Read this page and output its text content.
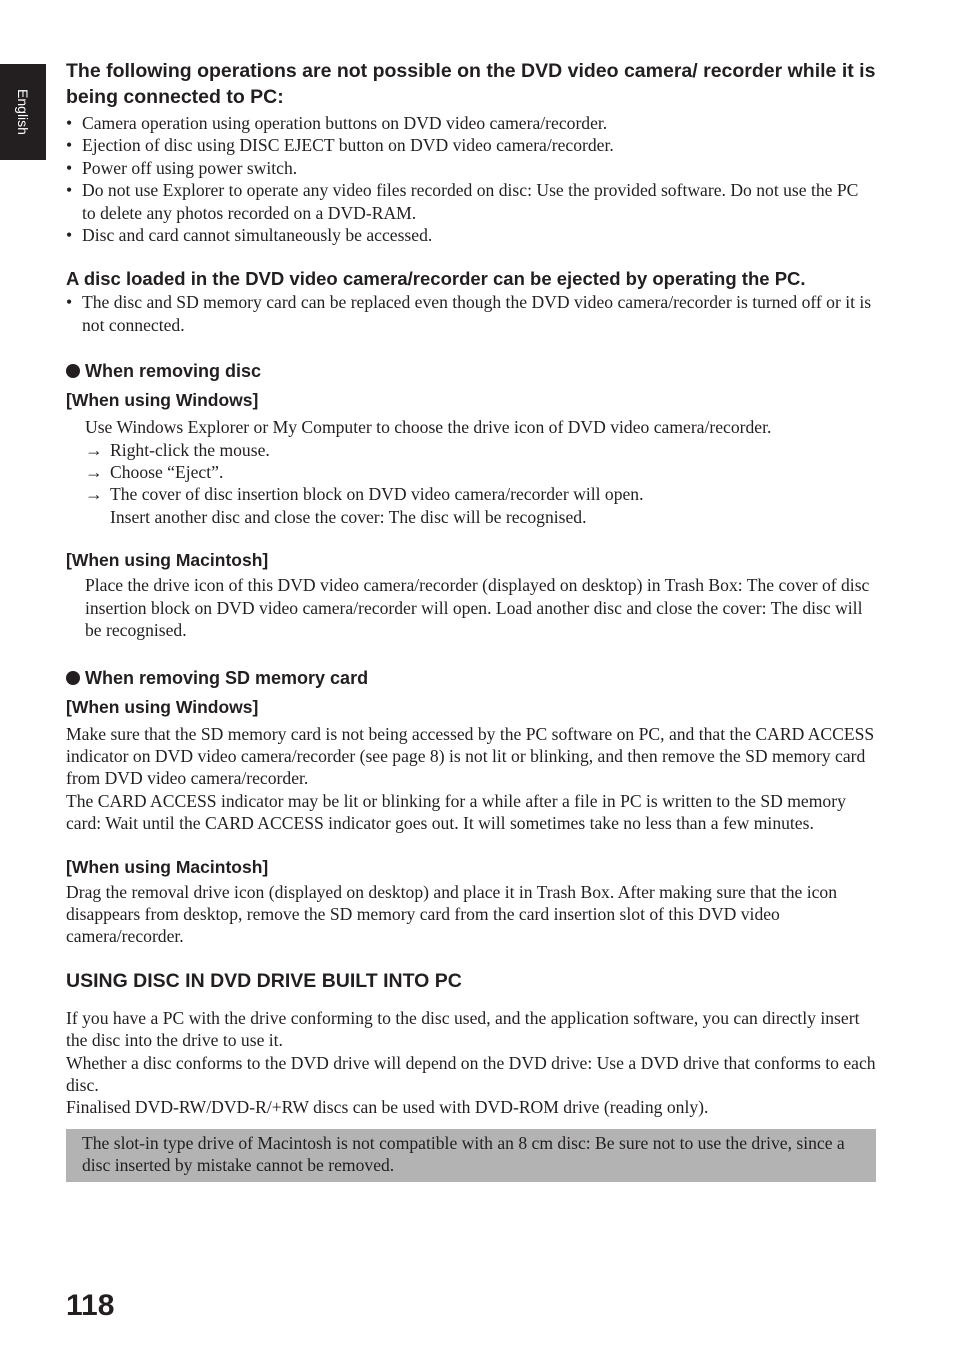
English
The following operations are not possible on the DVD video camera/ recorder while it is being connected to PC:
• Camera operation using operation buttons on DVD video camera/recorder.
• Ejection of disc using DISC EJECT button on DVD video camera/recorder.
• Power off using power switch.
• Do not use Explorer to operate any video files recorded on disc: Use the provided software. Do not use the PC to delete any photos recorded on a DVD-RAM.
• Disc and card cannot simultaneously be accessed.
A disc loaded in the DVD video camera/recorder can be ejected by operating the PC.
• The disc and SD memory card can be replaced even though the DVD video camera/recorder is turned off or it is not connected.
When removing disc
[When using Windows]

Use Windows Explorer or My Computer to choose the drive icon of DVD video camera/recorder.

→ Right-click the mouse.
→ Choose “Eject”.
→ The cover of disc insertion block on DVD video camera/recorder will open.
Insert another disc and close the cover: The disc will be recognised.
[When using Macintosh]

Place the drive icon of this DVD video camera/recorder (displayed on desktop) in Trash Box: The cover of disc insertion block on DVD video camera/recorder will open. Load another disc and close the cover: The disc will be recognised.

When removing SD memory card
[When using Windows]

Make sure that the SD memory card is not being accessed by the PC software on PC, and that the CARD ACCESS indicator on DVD video camera/recorder (see page 8) is not lit or blinking, and then remove the SD memory card from DVD video camera/recorder.

The CARD ACCESS indicator may be lit or blinking for a while after a file in PC is written to the SD memory card: Wait until the CARD ACCESS indicator goes out. It will sometimes take no less than a few minutes.

[When using Macintosh]

Drag the removal drive icon (displayed on desktop) and place it in Trash Box. After making sure that the icon disappears from desktop, remove the SD memory card from the card insertion slot of this DVD video camera/recorder.

USING DISC IN DVD DRIVE BUILT INTO PC

If you have a PC with the drive conforming to the disc used, and the application software, you can directly insert the disc into the drive to use it.

Whether a disc conforms to the DVD drive will depend on the DVD drive: Use a DVD drive that conforms to each disc.

Finalised DVD-RW/DVD-R/+RW discs can be used with DVD-ROM drive (reading only).

The slot-in type drive of Macintosh is not compatible with an 8 cm disc: Be sure not to use the drive, since a disc inserted by mistake cannot be removed.
118
